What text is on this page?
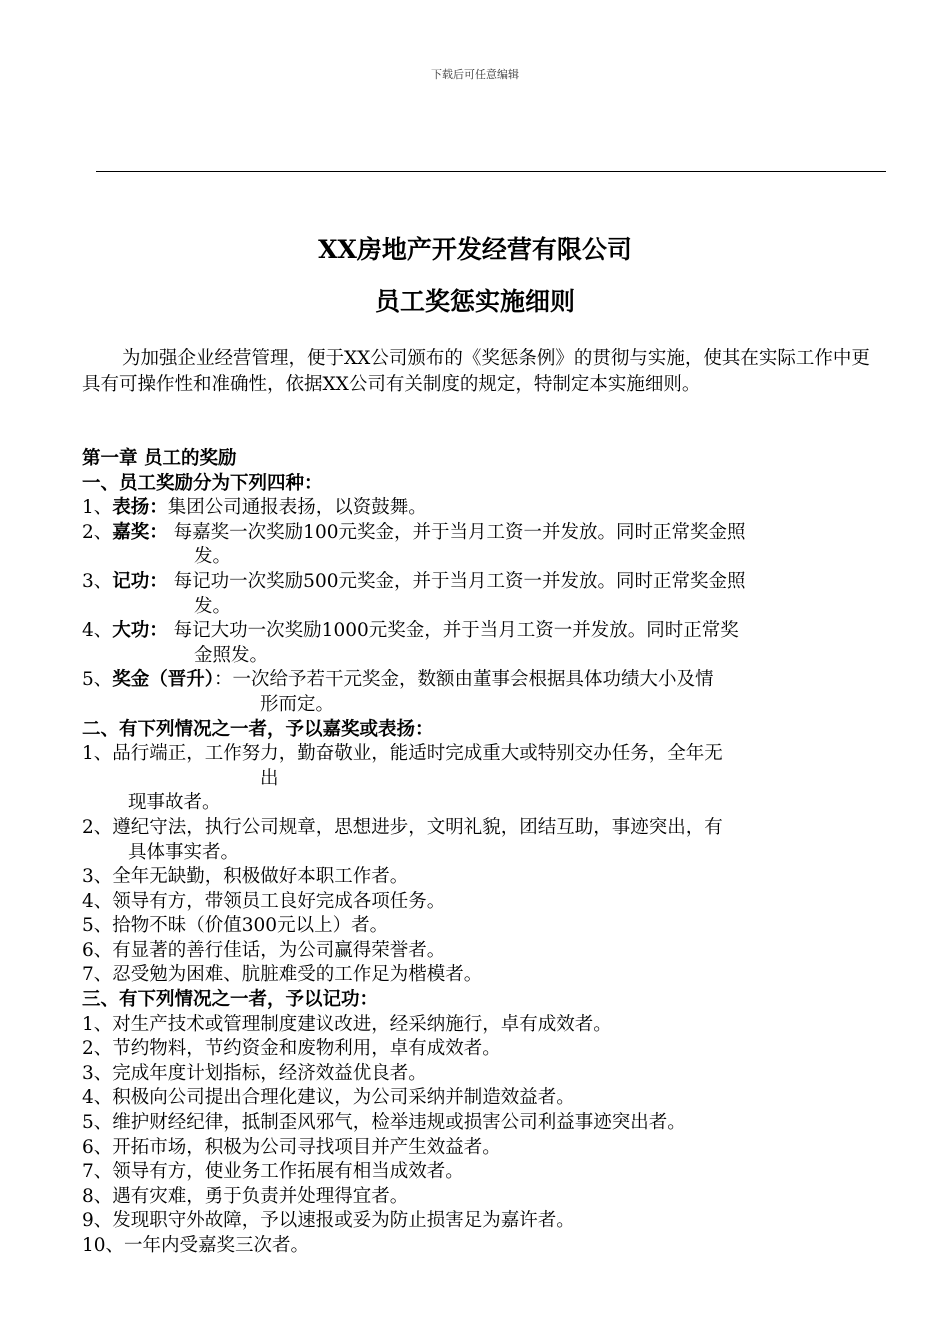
下载后可任意编辑
XX房地产开发经营有限公司
员工奖惩实施细则

为加强企业经营管理，便于XX公司颁布的《奖惩条例》的贯彻与实施，使其在实际工作中更具有可操作性和准确性，依据XX公司有关制度的规定，特制定本实施细则。

第一章 员工的奖励
一、员工奖励分为下列四种：
1、表扬：集团公司通报表扬，以资鼓舞。
2、嘉奖： 每嘉奖一次奖励100元奖金，并于当月工资一并发放。同时正常奖金照
发。
3、记功： 每记功一次奖励500元奖金，并于当月工资一并发放。同时正常奖金照
发。
4、大功： 每记大功一次奖励1000元奖金，并于当月工资一并发放。同时正常奖
金照发。
5、奖金（晋升）：一次给予若干元奖金，数额由董事会根据具体功绩大小及情
形而定。
二、有下列情况之一者，予以嘉奖或表扬：
1、品行端正，工作努力，勤奋敬业，能适时完成重大或特别交办任务，全年无
出
现事故者。
2、遵纪守法，执行公司规章，思想进步，文明礼貌，团结互助，事迹突出，有
具体事实者。
3、全年无缺勤，积极做好本职工作者。
4、领导有方，带领员工良好完成各项任务。
5、拾物不昧（价值300元以上）者。
6、有显著的善行佳话，为公司赢得荣誉者。
7、忍受勉为困难、肮脏难受的工作足为楷模者。
三、有下列情况之一者，予以记功：
1、对生产技术或管理制度建议改进，经采纳施行，卓有成效者。
2、节约物料，节约资金和废物利用，卓有成效者。
3、完成年度计划指标，经济效益优良者。
4、积极向公司提出合理化建议，为公司采纳并制造效益者。
5、维护财经纪律，抵制歪风邪气，检举违规或损害公司利益事迹突出者。
6、开拓市场，积极为公司寻找项目并产生效益者。
7、领导有方，使业务工作拓展有相当成效者。
8、遇有灾难，勇于负责并处理得宜者。
9、发现职守外故障，予以速报或妥为防止损害足为嘉许者。
10、一年内受嘉奖三次者。
